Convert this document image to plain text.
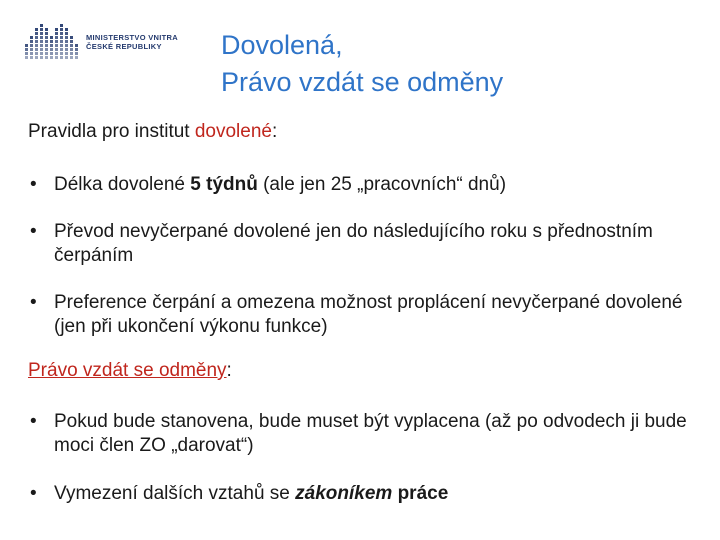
MINISTERSTVO VNITRA
ČESKÉ REPUBLIKY	Dovolená,
Právo vzdát se odměny

Pravidla pro institut dovolené:

• Délka dovolené 5 týdnů (ale jen 25 „pracovních“ dnů)
• Převod nevyčerpané dovolené jen do následujícího roku s přednostním čerpáním
• Preference čerpání a omezena možnost proplácení nevyčerpané dovolené (jen při ukončení výkonu funkce)

Právo vzdát se odměny:

• Pokud bude stanovena, bude muset být vyplacena (až po odvodech ji bude moci člen ZO „darovat“)
• Vymezení dalších vztahů se zákoníkem práce
